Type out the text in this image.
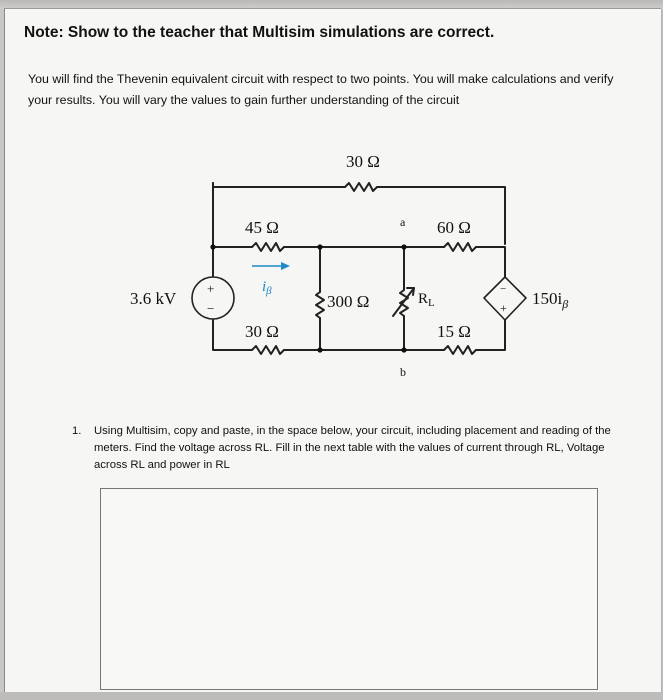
Note: Show to the teacher that Multisim simulations are correct.
You will find the Thevenin equivalent circuit with respect to two points. You will make calculations and verify your results. You will vary the values to gain further understanding of the circuit
30 Ω
45 Ω	60 Ω
300 Ω
30 Ω	15 Ω
$R_L$
3.6 kV
+
−
−
+
$i_\beta$	$150i_\beta$
a
b
1. Using Multisim, copy and paste, in the space below, your circuit, including placement and reading of the meters. Find the voltage across RL. Fill in the next table with the values of current through RL, Voltage across RL and power in RL
